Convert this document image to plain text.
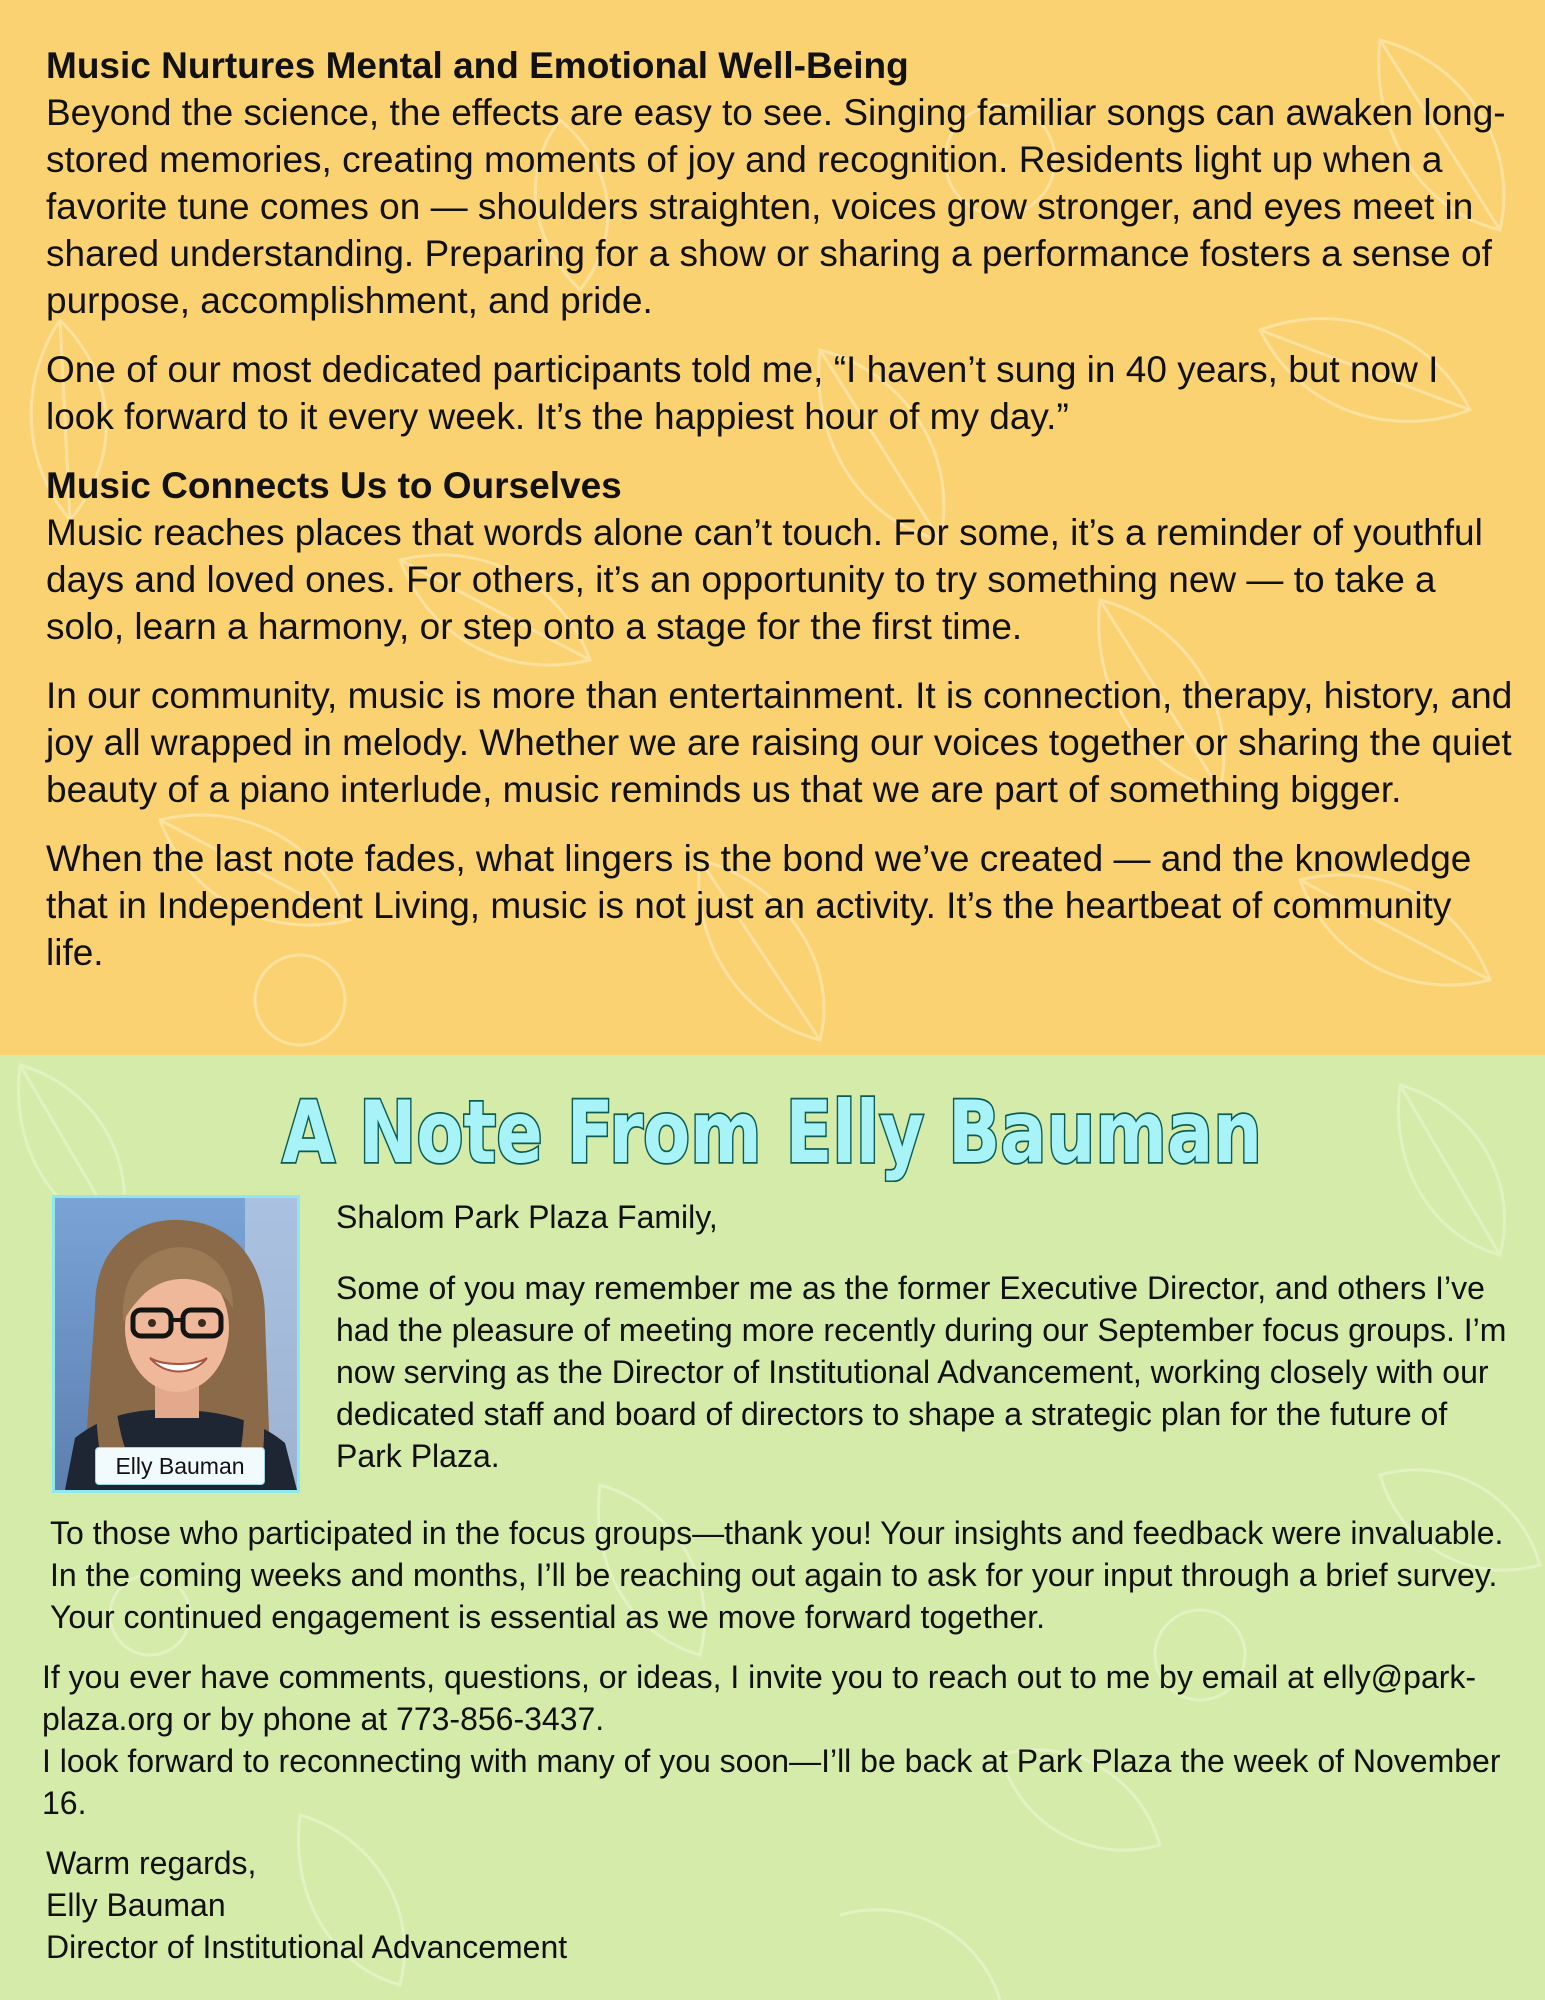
Music Nurtures Mental and Emotional Well-Being

Beyond the science, the effects are easy to see. Singing familiar songs can awaken long-stored memories, creating moments of joy and recognition. Residents light up when a favorite tune comes on — shoulders straighten, voices grow stronger, and eyes meet in shared understanding. Preparing for a show or sharing a performance fosters a sense of purpose, accomplishment, and pride.

One of our most dedicated participants told me, “I haven’t sung in 40 years, but now I look forward to it every week. It’s the happiest hour of my day.”

Music Connects Us to Ourselves

Music reaches places that words alone can’t touch. For some, it’s a reminder of youthful days and loved ones. For others, it’s an opportunity to try something new — to take a solo, learn a harmony, or step onto a stage for the first time.

In our community, music is more than entertainment. It is connection, therapy, history, and joy all wrapped in melody. Whether we are raising our voices together or sharing the quiet beauty of a piano interlude, music reminds us that we are part of something bigger.

When the last note fades, what lingers is the bond we’ve created — and the knowledge that in Independent Living, music is not just an activity. It’s the heartbeat of community life.

A Note From Elly Bauman
Elly Bauman

Shalom Park Plaza Family,

Some of you may remember me as the former Executive Director, and others I’ve had the pleasure of meeting more recently during our September focus groups. I’m now serving as the Director of Institutional Advancement, working closely with our dedicated staff and board of directors to shape a strategic plan for the future of Park Plaza.

To those who participated in the focus groups—thank you! Your insights and feedback were invaluable. In the coming weeks and months, I’ll be reaching out again to ask for your input through a brief survey. Your continued engagement is essential as we move forward together.

If you ever have comments, questions, or ideas, I invite you to reach out to me by email at elly@park-plaza.org or by phone at 773-856-3437.

I look forward to reconnecting with many of you soon—I’ll be back at Park Plaza the week of November 16.

Warm regards,

Elly Bauman

Director of Institutional Advancement
